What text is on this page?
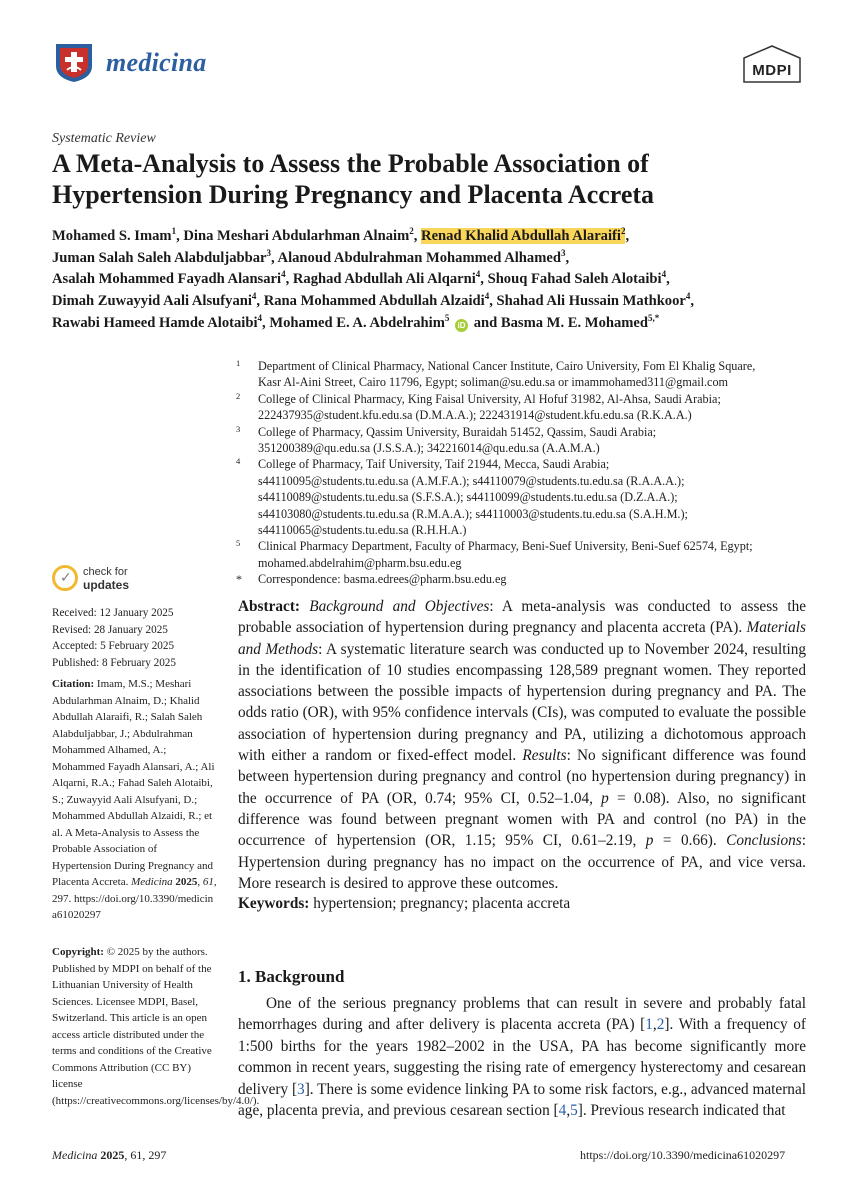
medicina	MDPI
Systematic Review
A Meta-Analysis to Assess the Probable Association of Hypertension During Pregnancy and Placenta Accreta
Mohamed S. Imam$^1$, Dina Meshari Abdularhman Alnaim$^2$, Renad Khalid Abdullah Alaraifi$^2$,
Juman Salah Saleh Alabduljabbar$^3$, Alanoud Abdulrahman Mohammed Alhamed$^3$,
Asalah Mohammed Fayadh Alansari$^4$, Raghad Abdullah Ali Alqarni$^4$, Shouq Fahad Saleh Alotaibi$^4$,
Dimah Zuwayyid Aali Alsufyani$^4$, Rana Mohammed Abdullah Alzaidi$^4$, Shahad Ali Hussain Mathkoor$^4$,
Rawabi Hameed Hamde Alotaibi$^4$, Mohamed E. A. Abdelrahim$^5$ iD and Basma M. E. Mohamed$^{5,*}$
1 Department of Clinical Pharmacy, National Cancer Institute, Cairo University, Fom El Khalig Square,
Kasr Al-Aini Street, Cairo 11796, Egypt; soliman@su.edu.sa or imammohamed311@gmail.com
2 College of Clinical Pharmacy, King Faisal University, Al Hofuf 31982, Al-Ahsa, Saudi Arabia;
222437935@student.kfu.edu.sa (D.M.A.A.); 222431914@student.kfu.edu.sa (R.K.A.A.)
3 College of Pharmacy, Qassim University, Buraidah 51452, Qassim, Saudi Arabia;
351200389@qu.edu.sa (J.S.S.A.); 342216014@qu.edu.sa (A.A.M.A.)
4 College of Pharmacy, Taif University, Taif 21944, Mecca, Saudi Arabia;
s44110095@students.tu.edu.sa (A.M.F.A.); s44110079@students.tu.edu.sa (R.A.A.A.);
s44110089@students.tu.edu.sa (S.F.S.A.); s44110099@students.tu.edu.sa (D.Z.A.A.);
s44103080@students.tu.edu.sa (R.M.A.A.); s44110003@students.tu.edu.sa (S.A.H.M.);
s44110065@students.tu.edu.sa (R.H.H.A.)
5 Clinical Pharmacy Department, Faculty of Pharmacy, Beni-Suef University, Beni-Suef 62574, Egypt;
mohamed.abdelrahim@pharm.bsu.edu.eg
* Correspondence: basma.edrees@pharm.bsu.edu.eg
✓ check for
updates
Received: 12 January 2025
Revised: 28 January 2025
Accepted: 5 February 2025
Published: 8 February 2025
Citation: Imam, M.S.; Meshari Abdularhman Alnaim, D.; Khalid Abdullah Alaraifi, R.; Salah Saleh Alabduljabbar, J.; Abdulrahman Mohammed Alhamed, A.; Mohammed Fayadh Alansari, A.; Ali Alqarni, R.A.; Fahad Saleh Alotaibi, S.; Zuwayyid Aali Alsufyani, D.; Mohammed Abdullah Alzaidi, R.; et al. A Meta-Analysis to Assess the Probable Association of Hypertension During Pregnancy and Placenta Accreta. Medicina 2025, 61, 297. https://doi.org/10.3390/medicina61020297
Copyright: © 2025 by the authors. Published by MDPI on behalf of the Lithuanian University of Health Sciences. Licensee MDPI, Basel, Switzerland. This article is an open access article distributed under the terms and conditions of the Creative Commons Attribution (CC BY) license (https://creativecommons.org/licenses/by/4.0/).
Abstract: Background and Objectives: A meta-analysis was conducted to assess the probable association of hypertension during pregnancy and placenta accreta (PA). Materials and Methods: A systematic literature search was conducted up to November 2024, resulting in the identification of 10 studies encompassing 128,589 pregnant women. They reported associations between the possible impacts of hypertension during pregnancy and PA. The odds ratio (OR), with 95% confidence intervals (CIs), was computed to evaluate the possible association of hypertension during pregnancy and PA, utilizing a dichotomous approach with either a random or fixed-effect model. Results: No significant difference was found between hypertension during pregnancy and control (no hypertension during pregnancy) in the occurrence of PA (OR, 0.74; 95% CI, 0.52–1.04, p = 0.08). Also, no significant difference was found between pregnant women with PA and control (no PA) in the occurrence of hypertension (OR, 1.15; 95% CI, 0.61–2.19, p = 0.66). Conclusions: Hypertension during pregnancy has no impact on the occurrence of PA, and vice versa. More research is desired to approve these outcomes.
Keywords: hypertension; pregnancy; placenta accreta
1. Background
One of the serious pregnancy problems that can result in severe and probably fatal hemorrhages during and after delivery is placenta accreta (PA) [1,2]. With a frequency of 1:500 births for the years 1982–2002 in the USA, PA has become significantly more common in recent years, suggesting the rising rate of emergency hysterectomy and cesarean delivery [3]. There is some evidence linking PA to some risk factors, e.g., advanced maternal age, placenta previa, and previous cesarean section [4,5]. Previous research indicated that
Medicina 2025, 61, 297	https://doi.org/10.3390/medicina61020297
